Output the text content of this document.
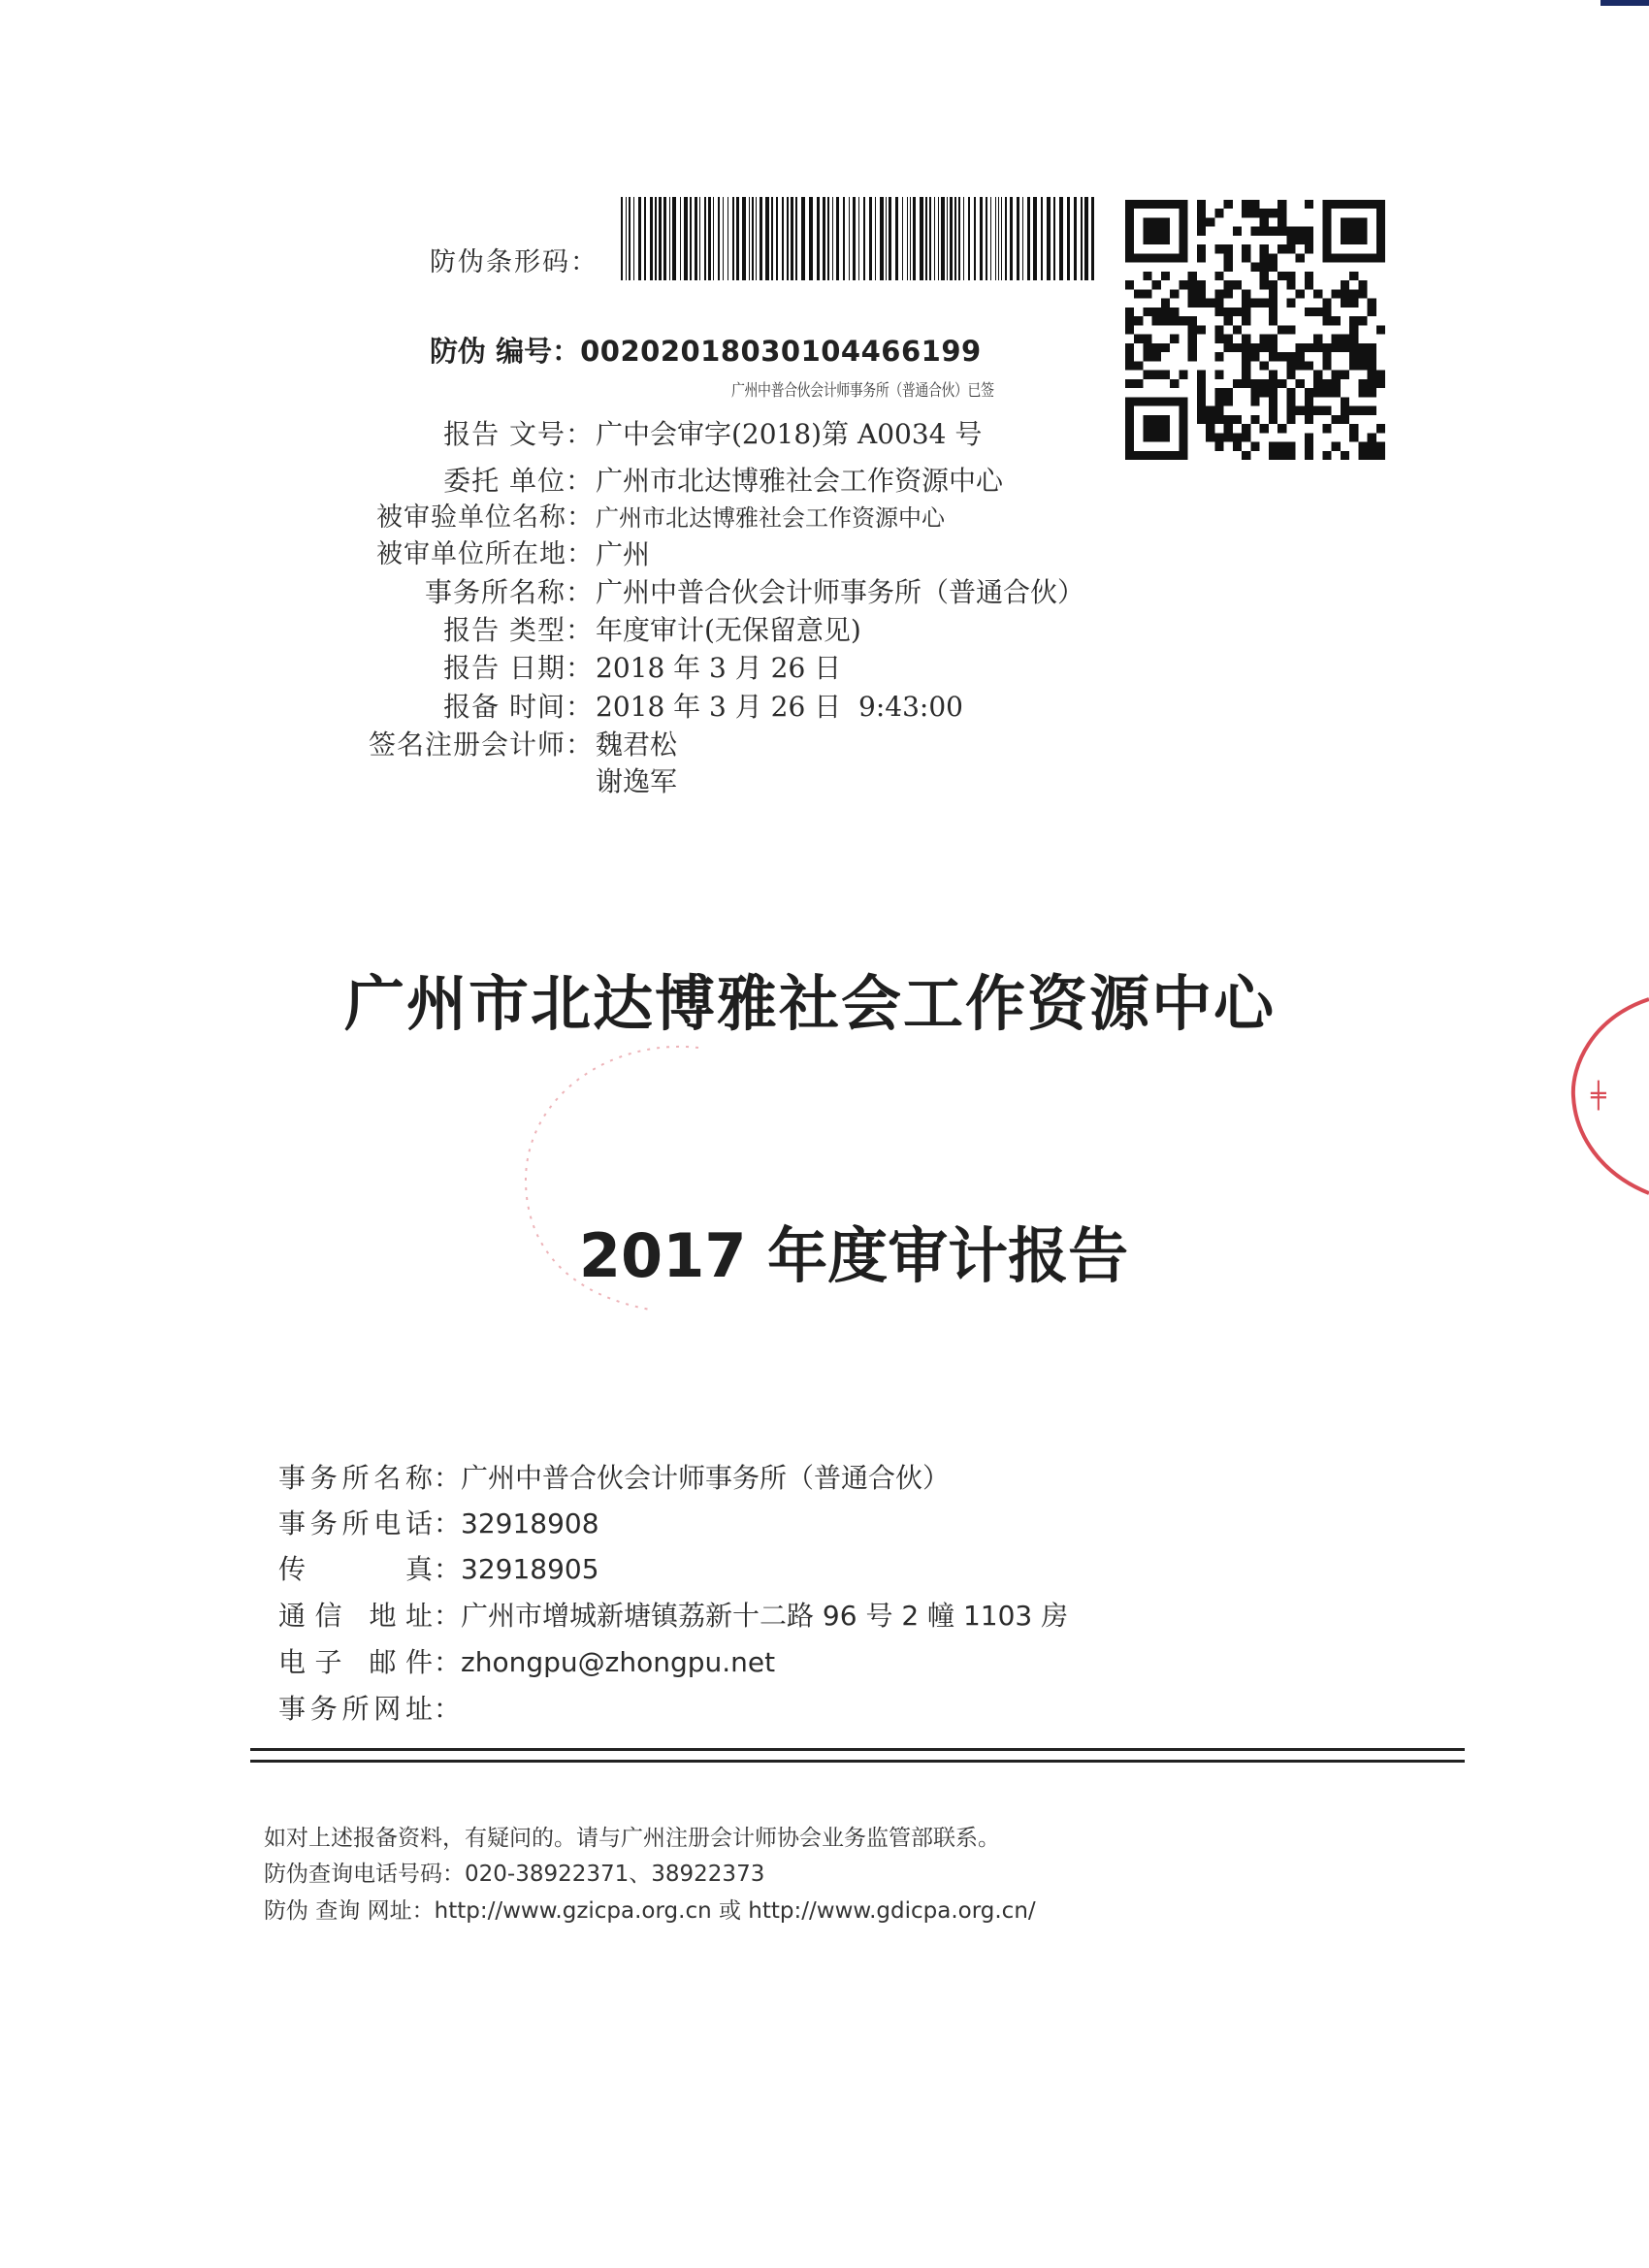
防伪条形码：
防伪 编号：00202018030104466199
广州中普合伙会计师事务所（普通合伙）已签
报告 文号： 广中会审字(2018)第 A0034 号
委托 单位： 广州市北达博雅社会工作资源中心
被审验单位名称： 广州市北达博雅社会工作资源中心
被审单位所在地： 广州
事务所名称： 广州中普合伙会计师事务所（普通合伙）
报告 类型： 年度审计(无保留意见)
报告 日期： 2018 年 3 月 26 日
报备 时间： 2018 年 3 月 26 日  9:43:00
签名注册会计师： 魏君松
谢逸军
╪
广州市北达博雅社会工作资源中心
2017 年度审计报告
事务所名称：广州中普合伙会计师事务所（普通合伙）
事务所电话：32918908
传 真：32918905
通信 地址：广州市增城新塘镇荔新十二路 96 号 2 幢 1103 房
电子 邮件：zhongpu@zhongpu.net
事务所网址：
如对上述报备资料，有疑问的。请与广州注册会计师协会业务监管部联系。
防伪查询电话号码：020-38922371、38922373
防伪 查询 网址：http://www.gzicpa.org.cn 或 http://www.gdicpa.org.cn/
